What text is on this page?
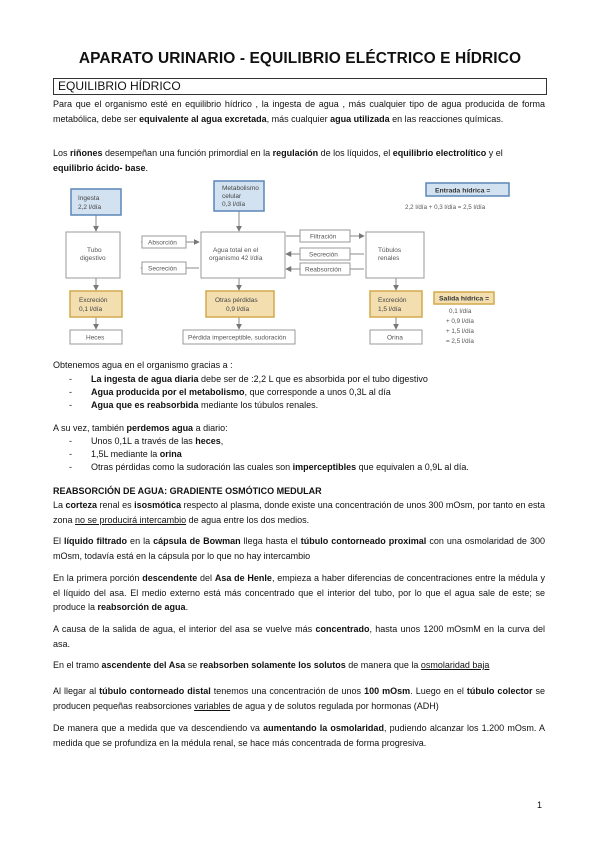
APARATO URINARIO - EQUILIBRIO ELÉCTRICO E HÍDRICO
EQUILIBRIO HÍDRICO

Para que el organismo esté en equilibrio hídrico , la ingesta de agua , más cualquier tipo de agua producida de forma metabólica, debe ser equivalente al agua excretada, más cualquier agua utilizada en las reacciones químicas.

Los riñones desempeñan una función primordial en la regulación de los líquidos, el equilibrio electrolítico y el equilibrio ácido- base.

Ingesta
2,2 l/día
Metabolismo
celular
0,3 l/día
Entrada hídrica =
2,2 l/día + 0,3 l/día = 2,5 l/día
Tubo
digestivo
Absorción
Secreción
Agua total en el
organismo 42 l/día
Filtración
Secreción
Reabsorción
Túbulos
renales
Excreción
0,1 l/día
Otras pérdidas
0,9 l/día
Excreción
1,5 l/día
Salida hídrica =
0,1 l/día
+ 0,9 l/día
+ 1,5 l/día
= 2,5 l/día
Heces	Pérdida imperceptible, sudoración	Orina

Obtenemos agua en el organismo gracias a :

- La ingesta de agua diaria debe ser de :2,2 L que es absorbida por el tubo digestivo
- Agua producida por el metabolismo, que corresponde a unos 0,3L al día
- Agua que es reabsorbida mediante los túbulos renales.

A su vez, también perdemos agua a diario:

- Unos 0,1L a través de las heces,
- 1,5L mediante la orina
- Otras pérdidas como la sudoración las cuales son imperceptibles que equivalen a 0,9L al día.

REABSORCIÓN DE AGUA: GRADIENTE OSMÓTICO MEDULAR

La corteza renal es isosmótica respecto al plasma, donde existe una concentración de unos 300 mOsm, por tanto en esta zona no se producirá intercambio de agua entre los dos medios.

El líquido filtrado en la cápsula de Bowman llega hasta el túbulo contorneado proximal con una osmolaridad de 300 mOsm, todavía está en la cápsula por lo que no hay intercambio

En la primera porción descendente del Asa de Henle, empieza a haber diferencias de concentraciones entre la médula y el líquido del asa. El medio externo está más concentrado que el interior del tubo, por lo que el agua sale de este; se produce la reabsorción de agua.

A causa de la salida de agua, el interior del asa se vuelve más concentrado, hasta unos 1200 mOsmM en la curva del asa.

En el tramo ascendente del Asa se reabsorben solamente los solutos de manera que la osmolaridad baja

Al llegar al túbulo contorneado distal tenemos una concentración de unos 100 mOsm. Luego en el túbulo colector se producen pequeñas reabsorciones variables de agua y de solutos regulada por hormonas (ADH)

De manera que a medida que va descendiendo va aumentando la osmolaridad, pudiendo alcanzar los 1.200 mOsm. A medida que se profundiza en la médula renal, se hace más concentrada de forma progresiva.

1
